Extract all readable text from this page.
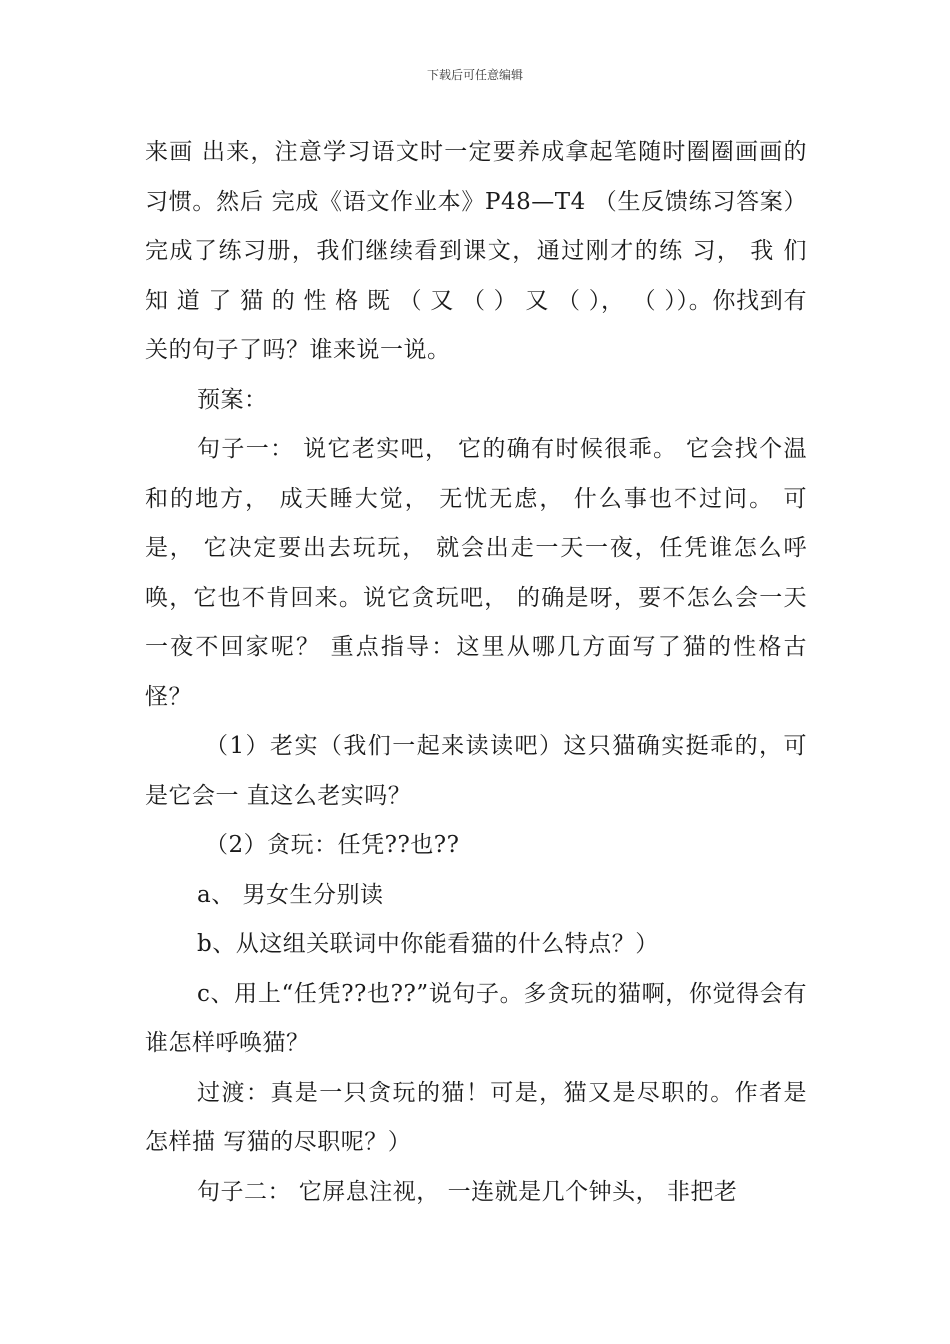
下载后可任意编辑

来画 出来，注意学习语文时一定要养成拿起笔随时圈圈画画的习惯。然后 完成《语文作业本》P48—T4 （生反馈练习答案）完成了练习册，我们继续看到课文，通过刚才的练 习， 我 们 知 道 了 猫 的 性 格 既 （ 又 （ ） 又 （ ）， （ ））。你找到有关的句子了吗？谁来说一说。

预案：

句子一： 说它老实吧， 它的确有时候很乖。 它会找个温和的地方， 成天睡大觉， 无忧无虑， 什么事也不过问。 可是， 它决定要出去玩玩， 就会出走一天一夜，任凭谁怎么呼唤，它也不肯回来。说它贪玩吧， 的确是呀，要不怎么会一天一夜不回家呢？ 重点指导：这里从哪几方面写了猫的性格古怪？

（1）老实（我们一起来读读吧）这只猫确实挺乖的，可是它会一 直这么老实吗？

（2）贪玩：任凭??也??

a、 男女生分别读

b、从这组关联词中你能看猫的什么特点？）

c、用上“任凭??也??”说句子。多贪玩的猫啊，你觉得会有 谁怎样呼唤猫？

过渡：真是一只贪玩的猫！可是，猫又是尽职的。作者是怎样描 写猫的尽职呢？）

句子二： 它屏息注视， 一连就是几个钟头， 非把老
